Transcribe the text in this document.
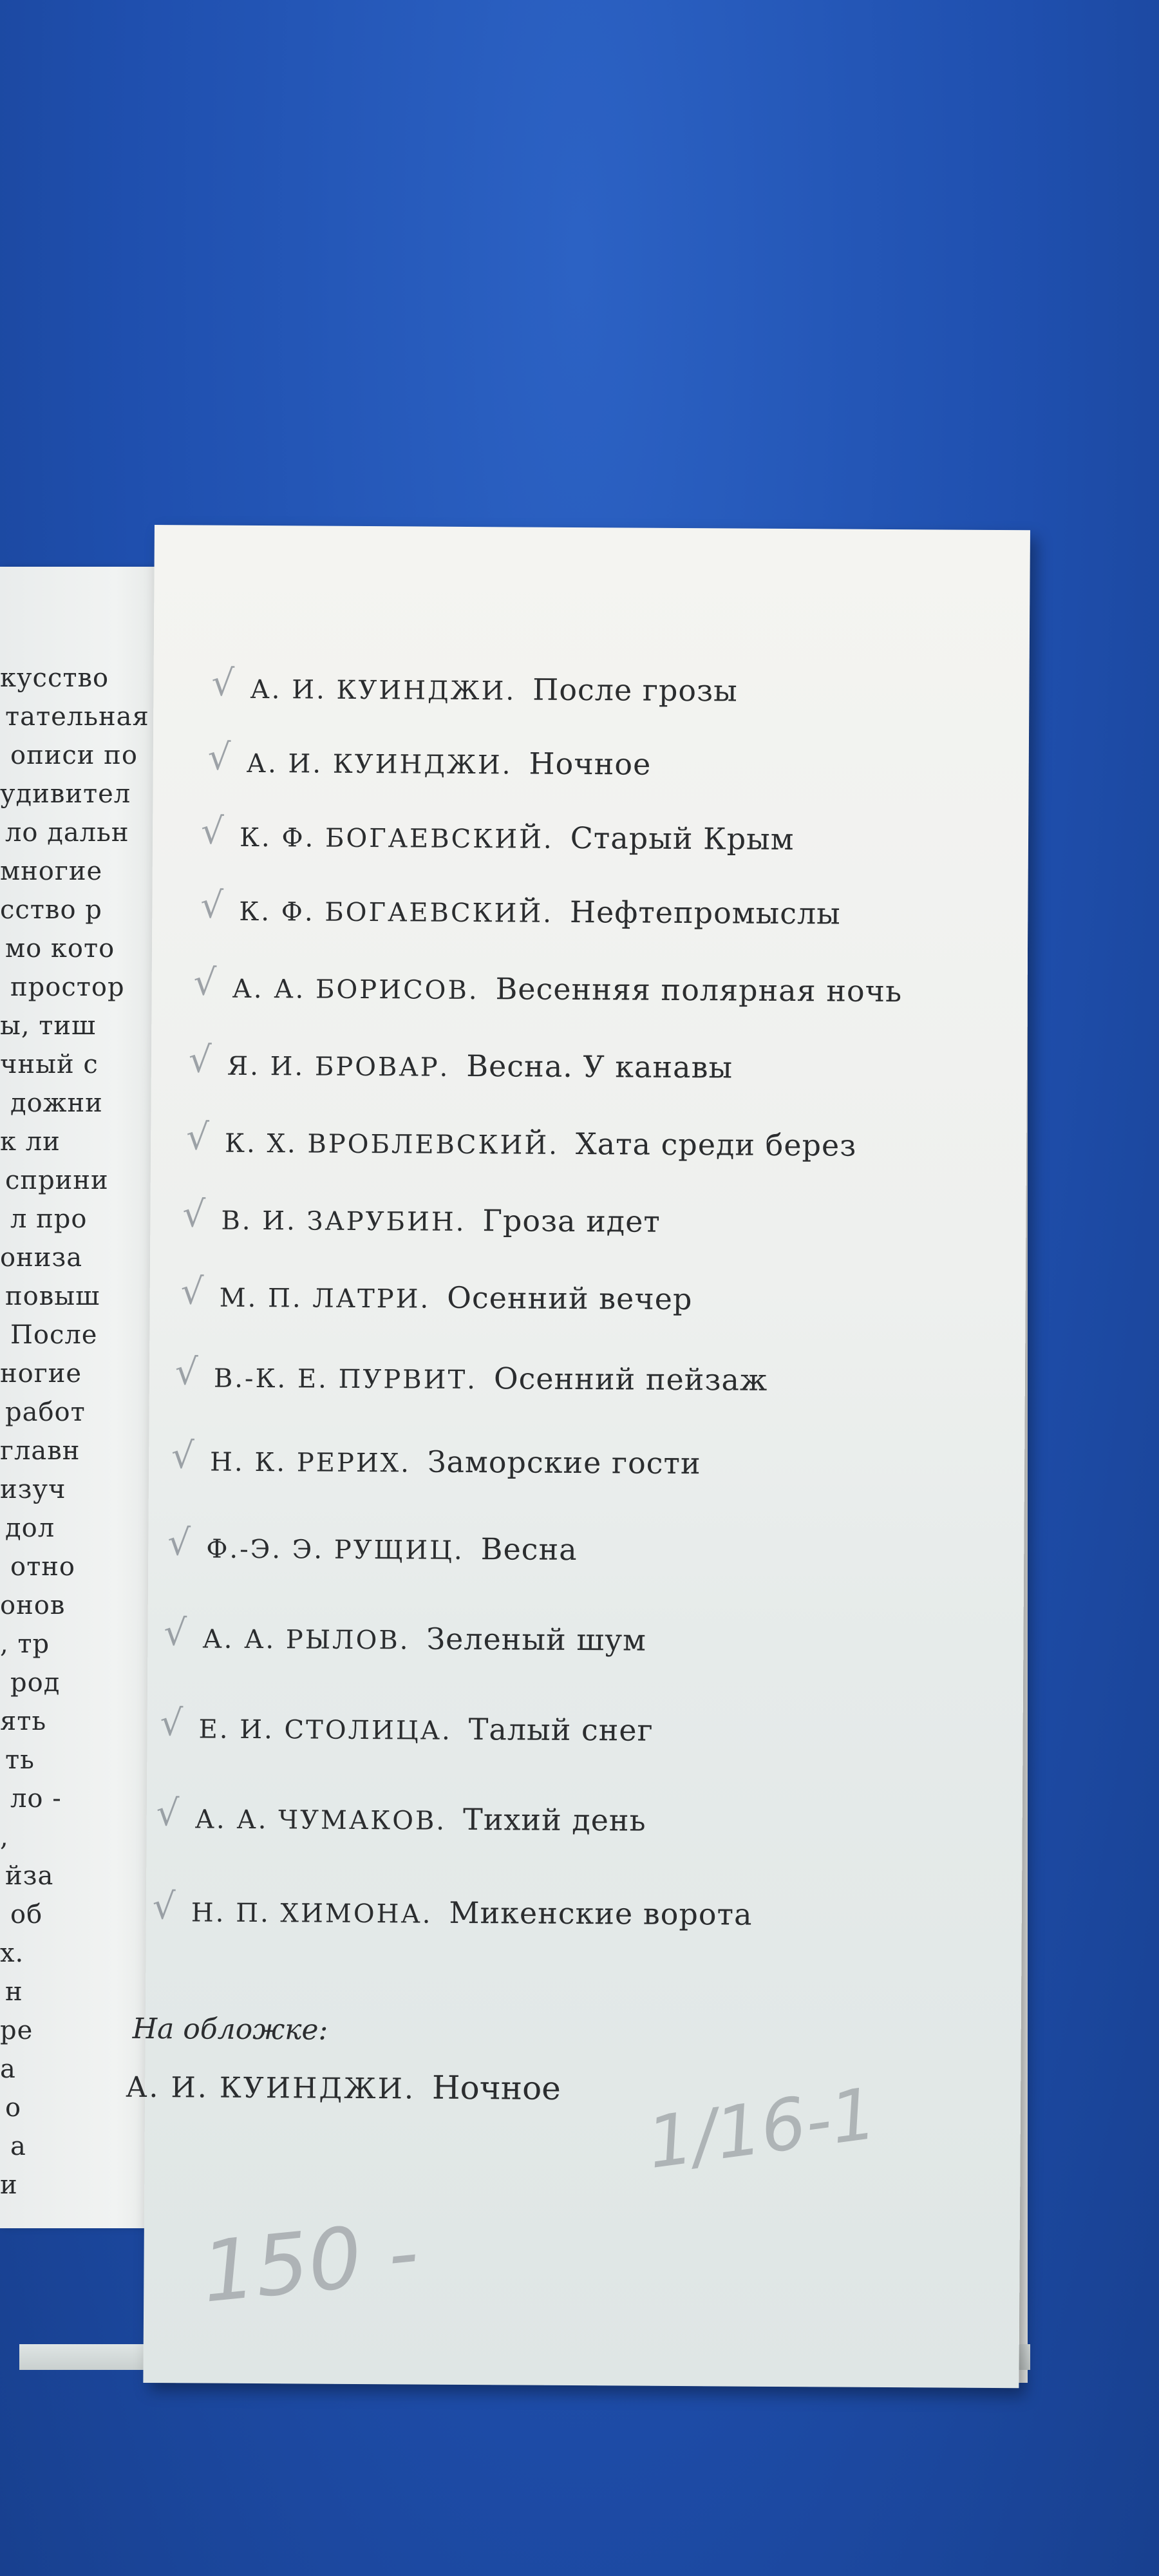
кусство
тательная
описи по
удивител
ло дальн
многие
сство р
мо кото
простор
ы, тиш
чный с
дожни
к ли
сприни
л про
ониза
повыш
После
ногие
работ
главн
изуч
дол
отно
онов
, тр
род
ять
ть
ло -
,
йза
об
х.
н
ре
а
о
а
и
√ А. И. КУИНДЖИ. После грозы
√ А. И. КУИНДЖИ. Ночное
√ К. Ф. БОГАЕВСКИЙ. Старый Крым
√ К. Ф. БОГАЕВСКИЙ. Нефтепромыслы
√ А. А. БОРИСОВ. Весенняя полярная ночь
√ Я. И. БРОВАР. Весна. У канавы
√ К. Х. ВРОБЛЕВСКИЙ. Хата среди берез
√ В. И. ЗАРУБИН. Гроза идет
√ М. П. ЛАТРИ. Осенний вечер
√ В.-К. Е. ПУРВИТ. Осенний пейзаж
√ Н. К. РЕРИХ. Заморские гости
√ Ф.-Э. Э. РУЩИЦ. Весна
√ А. А. РЫЛОВ. Зеленый шум
√ Е. И. СТОЛИЦА. Талый снег
√ А. А. ЧУМАКОВ. Тихий день
√ Н. П. ХИМОНА. Микенские ворота
На обложке:
А. И. КУИНДЖИ. Ночное 1/16-1
150 -
